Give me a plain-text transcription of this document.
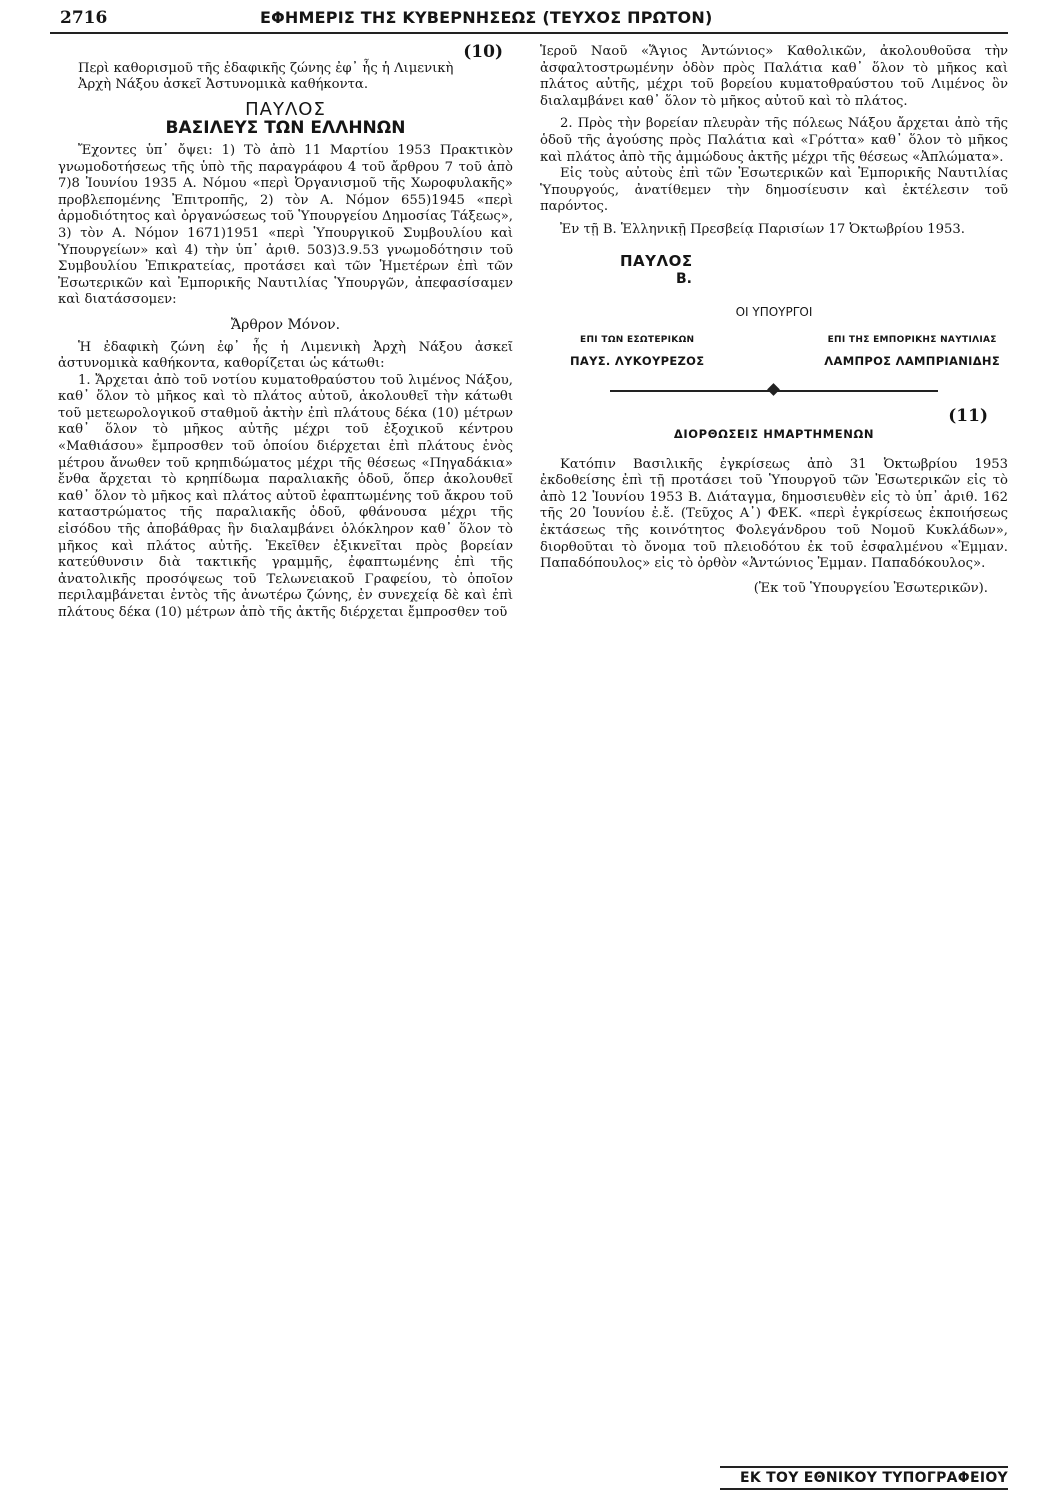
2716	ΕΦΗΜΕΡΙΣ ΤΗΣ ΚΥΒΕΡΝΗΣΕΩΣ (ΤΕΥΧΟΣ ΠΡΩΤΟΝ)
(10)

Περὶ καθορισμοῦ τῆς ἐδαφικῆς ζώνης ἐφ᾿ ἧς ἡ Λιμενικὴ

Ἀρχὴ Νάξου ἀσκεῖ Ἀστυνομικὰ καθήκοντα.

ΠΑΥΛΟΣ
ΒΑΣΙΛΕΥΣ ΤΩΝ ΕΛΛΗΝΩΝ

Ἔχοντες ὑπ᾿ ὄψει: 1) Τὸ ἀπὸ 11 Μαρτίου 1953 Πρακτικὸν γνωμοδοτήσεως τῆς ὑπὸ τῆς παραγράφου 4 τοῦ ἄρθρου 7 τοῦ ἀπὸ 7)8 Ἰουνίου 1935 Α. Νόμου «περὶ Ὀργανισμοῦ τῆς Χωροφυλακῆς» προβλεπομένης Ἐπιτροπῆς, 2) τὸν Α. Νόμον 655)1945 «περὶ ἁρμοδιότητος καὶ ὀργανώσεως τοῦ Ὑπουργείου Δημοσίας Τάξεως», 3) τὸν Α. Νόμον 1671)1951 «περὶ Ὑπουργικοῦ Συμβουλίου καὶ Ὑπουργείων» καὶ 4) τὴν ὑπ᾿ ἀριθ. 503)3.9.53 γνωμοδότησιν τοῦ Συμβουλίου Ἐπικρατείας, προτάσει καὶ τῶν Ἡμετέρων ἐπὶ τῶν Ἐσωτερικῶν καὶ Ἐμπορικῆς Ναυτιλίας Ὑπουργῶν, ἀπεφασίσαμεν καὶ διατάσσομεν:

Ἄρθρον Μόνον.

Ἡ ἐδαφικὴ ζώνη ἐφ᾿ ἧς ἡ Λιμενικὴ Ἀρχὴ Νάξου ἀσκεῖ ἀστυνομικὰ καθήκοντα, καθορίζεται ὡς κάτωθι:

1. Ἄρχεται ἀπὸ τοῦ νοτίου κυματοθραύστου τοῦ λιμένος Νάξου, καθ᾿ ὅλον τὸ μῆκος καὶ τὸ πλάτος αὐτοῦ, ἀκολουθεῖ τὴν κάτωθι τοῦ μετεωρολογικοῦ σταθμοῦ ἀκτὴν ἐπὶ πλάτους δέκα (10) μέτρων καθ᾿ ὅλον τὸ μῆκος αὐτῆς μέχρι τοῦ ἐξοχικοῦ κέντρου «Μαθιάσου» ἔμπροσθεν τοῦ ὁποίου διέρχεται ἐπὶ πλάτους ἑνὸς μέτρου ἄνωθεν τοῦ κρηπιδώματος μέχρι τῆς θέσεως «Πηγαδάκια» ἔνθα ἄρχεται τὸ κρηπίδωμα παραλιακῆς ὁδοῦ, ὅπερ ἀκολουθεῖ καθ᾿ ὅλον τὸ μῆκος καὶ πλάτος αὐτοῦ ἐφαπτωμένης τοῦ ἄκρου τοῦ καταστρώματος τῆς παραλιακῆς ὁδοῦ, φθάνουσα μέχρι τῆς εἰσόδου τῆς ἀποβάθρας ἣν διαλαμβάνει ὁλόκληρον καθ᾿ ὅλον τὸ μῆκος καὶ πλάτος αὐτῆς. Ἐκεῖθεν ἐξικνεῖται πρὸς βορείαν κατεύθυνσιν διὰ τακτικῆς γραμμῆς, ἐφαπτωμένης ἐπὶ τῆς ἀνατολικῆς προσόψεως τοῦ Τελωνειακοῦ Γραφείου, τὸ ὁποῖον περιλαμβάνεται ἐντὸς τῆς ἀνωτέρω ζώνης, ἐν συνεχείᾳ δὲ καὶ ἐπὶ πλάτους δέκα (10) μέτρων ἀπὸ τῆς ἀκτῆς διέρχεται ἔμπροσθεν τοῦ

Ἱεροῦ Ναοῦ «Ἅγιος Ἀντώνιος» Καθολικῶν, ἀκολουθοῦσα τὴν ἀσφαλτοστρωμένην ὁδὸν πρὸς Παλάτια καθ᾿ ὅλον τὸ μῆκος καὶ πλάτος αὐτῆς, μέχρι τοῦ βορείου κυματοθραύστου τοῦ Λιμένος ὃν διαλαμβάνει καθ᾿ ὅλον τὸ μῆκος αὐτοῦ καὶ τὸ πλάτος.

2. Πρὸς τὴν βορείαν πλευρὰν τῆς πόλεως Νάξου ἄρχεται ἀπὸ τῆς ὁδοῦ τῆς ἀγούσης πρὸς Παλάτια καὶ «Γρόττα» καθ᾿ ὅλον τὸ μῆκος καὶ πλάτος ἀπὸ τῆς ἀμμώδους ἀκτῆς μέχρι τῆς θέσεως «Ἀπλώματα».

Εἰς τοὺς αὐτοὺς ἐπὶ τῶν Ἐσωτερικῶν καὶ Ἐμπορικῆς Ναυτιλίας Ὑπουργούς, ἀνατίθεμεν τὴν δημοσίευσιν καὶ ἐκτέλεσιν τοῦ παρόντος.

Ἐν τῇ Β. Ἑλληνικῇ Πρεσβείᾳ Παρισίων 17 Ὀκτωβρίου 1953.

ΠΑΥΛΟΣ
Β.
ΟΙ ΥΠΟΥΡΓΟΙ
ΕΠΙ ΤΩΝ ΕΣΩΤΕΡΙΚΩΝ
ΠΑΥΣ. ΛΥΚΟΥΡΕΖΟΣ
ΕΠΙ ΤΗΣ ΕΜΠΟΡΙΚΗΣ ΝΑΥΤΙΛΙΑΣ
ΛΑΜΠΡΟΣ ΛΑΜΠΡΙΑΝΙΔΗΣ
(11)
ΔΙΟΡΘΩΣΕΙΣ ΗΜΑΡΤΗΜΕΝΩΝ

Κατόπιν Βασιλικῆς ἐγκρίσεως ἀπὸ 31 Ὀκτωβρίου 1953 ἐκδοθείσης ἐπὶ τῇ προτάσει τοῦ Ὑπουργοῦ τῶν Ἐσωτερικῶν εἰς τὸ ἀπὸ 12 Ἰουνίου 1953 Β. Διάταγμα, δημοσιευθὲν εἰς τὸ ὑπ᾿ ἀριθ. 162 τῆς 20 Ἰουνίου ἐ.ἔ. (Τεῦχος Α᾿) ΦΕΚ. «περὶ ἐγκρίσεως ἐκποιήσεως ἐκτάσεως τῆς κοινότητος Φολεγάνδρου τοῦ Νομοῦ Κυκλάδων», διορθοῦται τὸ ὄνομα τοῦ πλειοδότου ἐκ τοῦ ἐσφαλμένου «Ἐμμαν. Παπαδόπουλος» εἰς τὸ ὀρθὸν «Ἀντώνιος Ἐμμαν. Παπαδόκουλος».

(Ἐκ τοῦ Ὑπουργείου Ἐσωτερικῶν).
ΕΚ ΤΟΥ ΕΘΝΙΚΟΥ ΤΥΠΟΓΡΑΦΕΙΟΥ
